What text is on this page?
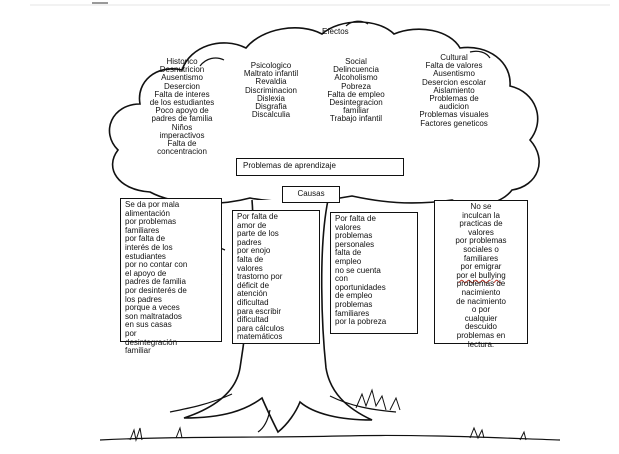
Efectos
Historico
Desnutricion
Ausentismo
Desercion
Falta de interes
de los estudiantes
Poco apoyo de
padres de familia
Niños
imperactivos
Falta de
concentracion
Psicologico
Maltrato infantil
Revaldia
Discriminacion
Dislexia
Disgrafia
Discalculia
Social
Delincuencia
Alcoholismo
Pobreza
Falta de empleo
Desintegracion
familiar
Trabajo infantil
Cultural
Falta de valores
Ausentismo
Desercion escolar
Aislamiento
Problemas de
audicion
Problemas visuales
Factores geneticos
Problemas de aprendizaje
Causas
Se da por mala
alimentación
por problemas
familiares
por falta de
interés de los
estudiantes
por no contar con
el apoyo de
padres de familia
por desinterés de
los padres
porque a veces
son maltratados
en sus casas
por
desintegración
familiar
Por falta de
amor de
parte de los
padres
por enojo
falta de
valores
trastorno por
déficit de
atención
dificultad
para escribir
dificultad
para cálculos
matemáticos
Por falta de
valores
problemas
personales
falta de
empleo
no se cuenta
con
oportunidades
de empleo
problemas
familiares
por la pobreza
No se
inculcan la
practicas de
valores
por problemas
sociales o
familiares
por emigrar
por el bullying
problemas de
nacimiento
de nacimiento
o por
cualquier
descuido
problemas en
lectura.
